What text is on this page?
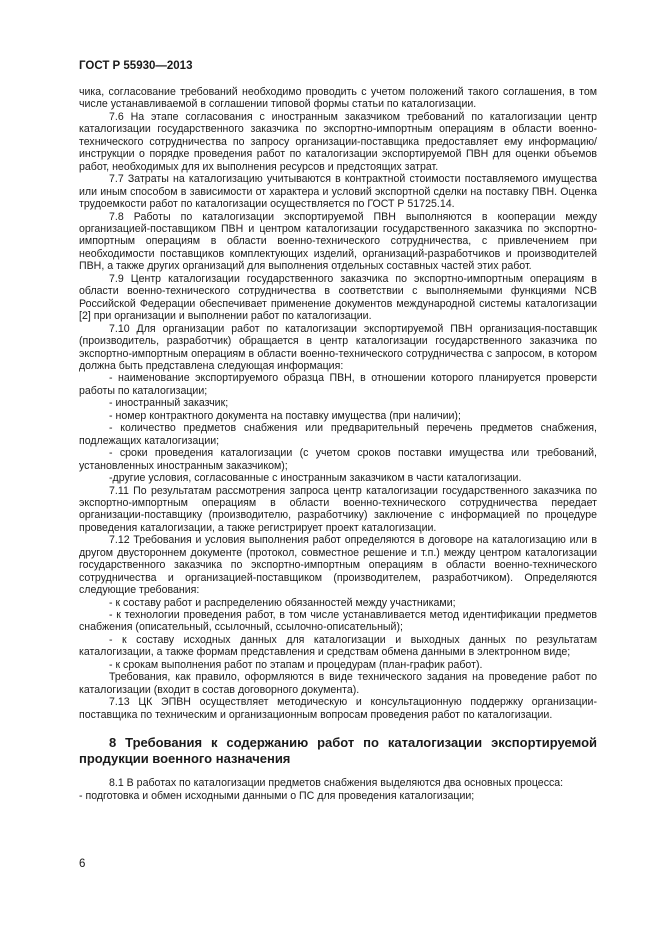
ГОСТ Р 55930—2013

чика, согласование требований необходимо проводить с учетом положений такого соглашения, в том числе устанавливаемой в соглашении типовой формы статьи по каталогизации.

7.6 На этапе согласования с иностранным заказчиком требований по каталогизации центр каталогизации государственного заказчика по экспортно-импортным операциям в области военно-технического сотрудничества по запросу организации-поставщика предоставляет ему информацию/инструкции о порядке проведения работ по каталогизации экспортируемой ПВН для оценки объемов работ, необходимых для их выполнения ресурсов и предстоящих затрат.

7.7 Затраты на каталогизацию учитываются в контрактной стоимости поставляемого имущества или иным способом в зависимости от характера и условий экспортной сделки на поставку ПВН. Оценка трудоемкости работ по каталогизации осуществляется по ГОСТ Р 51725.14.

7.8 Работы по каталогизации экспортируемой ПВН выполняются в кооперации между организацией-поставщиком ПВН и центром каталогизации государственного заказчика по экспортно-импортным операциям в области военно-технического сотрудничества, с привлечением при необходимости поставщиков комплектующих изделий, организаций-разработчиков и производителей ПВН, а также других организаций для выполнения отдельных составных частей этих работ.

7.9 Центр каталогизации государственного заказчика по экспортно-импортным операциям в области военно-технического сотрудничества в соответствии с выполняемыми функциями NCB Российской Федерации обеспечивает применение документов международной системы каталогизации [2] при организации и выполнении работ по каталогизации.

7.10 Для организации работ по каталогизации экспортируемой ПВН организация-поставщик (производитель, разработчик) обращается в центр каталогизации государственного заказчика по экспортно-импортным операциям в области военно-технического сотрудничества с запросом, в котором должна быть представлена следующая информация:

- наименование экспортируемого образца ПВН, в отношении которого планируется проверсти работы по каталогизации;

- иностранный заказчик;

- номер контрактного документа на поставку имущества (при наличии);

- количество предметов снабжения или предварительный перечень предметов снабжения, подлежащих каталогизации;

- сроки проведения каталогизации (с учетом сроков поставки имущества или требований, установленных иностранным заказчиком);

-другие условия, согласованные с иностранным заказчиком в части каталогизации.

7.11 По результатам рассмотрения запроса центр каталогизации государственного заказчика по экспортно-импортным операциям в области военно-технического сотрудничества передает организации-поставщику (производителю, разработчику) заключение с информацией по процедуре проведения каталогизации, а также регистрирует проект каталогизации.

7.12 Требования и условия выполнения работ определяются в договоре на каталогизацию или в другом двустороннем документе (протокол, совместное решение и т.п.) между центром каталогизации государственного заказчика по экспортно-импортным операциям в области военно-технического сотрудничества и организацией-поставщиком (производителем, разработчиком). Определяются следующие требования:

- к составу работ и распределению обязанностей между участниками;

- к технологии проведения работ, в том числе устанавливается метод идентификации предметов снабжения (описательный, ссылочный, ссылочно-описательный);

- к составу исходных данных для каталогизации и выходных данных по результатам каталогизации, а также формам представления и средствам обмена данными в электронном виде;

- к срокам выполнения работ по этапам и процедурам (план-график работ).

Требования, как правило, оформляются в виде технического задания на проведение работ по каталогизации (входит в состав договорного документа).

7.13 ЦК ЭПВН осуществляет методическую и консультационную поддержку организации-поставщика по техническим и организационным вопросам проведения работ по каталогизации.

8 Требования к содержанию работ по каталогизации экспортируемой продукции военного назначения

8.1 В работах по каталогизации предметов снабжения выделяются два основных процесса:

- подготовка и обмен исходными данными о ПС для проведения каталогизации;

6
